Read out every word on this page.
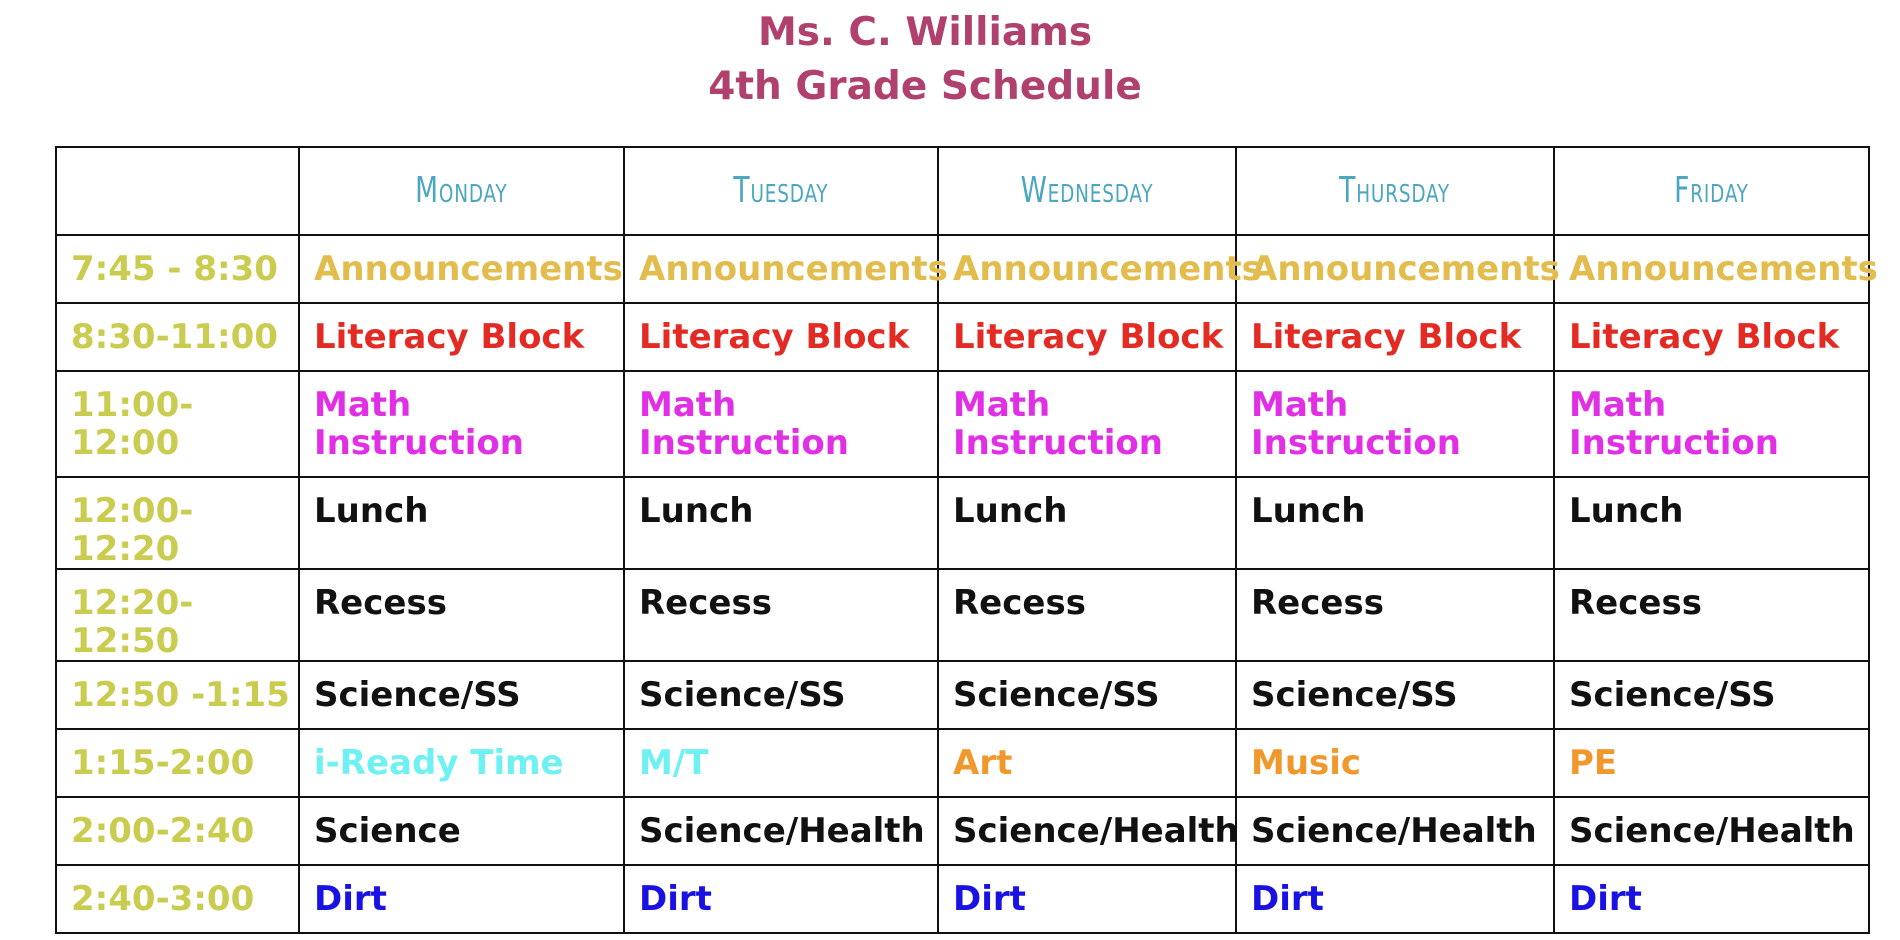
Ms. C. Williams
4th Grade Schedule
	Monday	Tuesday	Wednesday	Thursday	Friday
7:45 - 8:30	Announcements	Announcements	Announcements	Announcements	Announcements
8:30-11:00	Literacy Block	Literacy Block	Literacy Block	Literacy Block	Literacy Block
11:00-12:00	Math Instruction	Math Instruction	Math Instruction	Math Instruction	Math Instruction
12:00-12:20	Lunch	Lunch	Lunch	Lunch	Lunch
12:20-12:50	Recess	Recess	Recess	Recess	Recess
12:50 -1:15	Science/SS	Science/SS	Science/SS	Science/SS	Science/SS
1:15-2:00	i-Ready Time	M/T	Art	Music	PE
2:00-2:40	Science	Science/Health	Science/Health	Science/Health	Science/Health
2:40-3:00	Dirt	Dirt	Dirt	Dirt	Dirt
